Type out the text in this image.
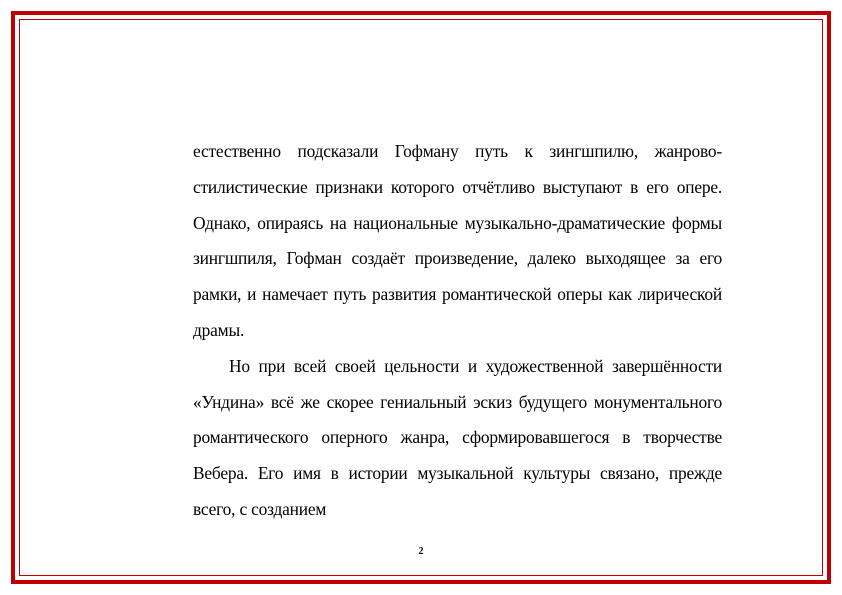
естественно подсказали Гофману путь к зингшпилю, жанрово-стилистические признаки которого отчётливо выступают в его опере. Однако, опираясь на национальные музыкально-драматические формы зингшпиля, Гофман создаёт произведение, далеко выходящее за его рамки, и намечает путь развития романтической оперы как лирической драмы.

Но при всей своей цельности и художественной завершённости «Ундина» всё же скорее гениальный эскиз будущего монументального романтического оперного жанра, сформировавшегося в творчестве Вебера. Его имя в истории музыкальной культуры связано, прежде всего, с созданием

2
